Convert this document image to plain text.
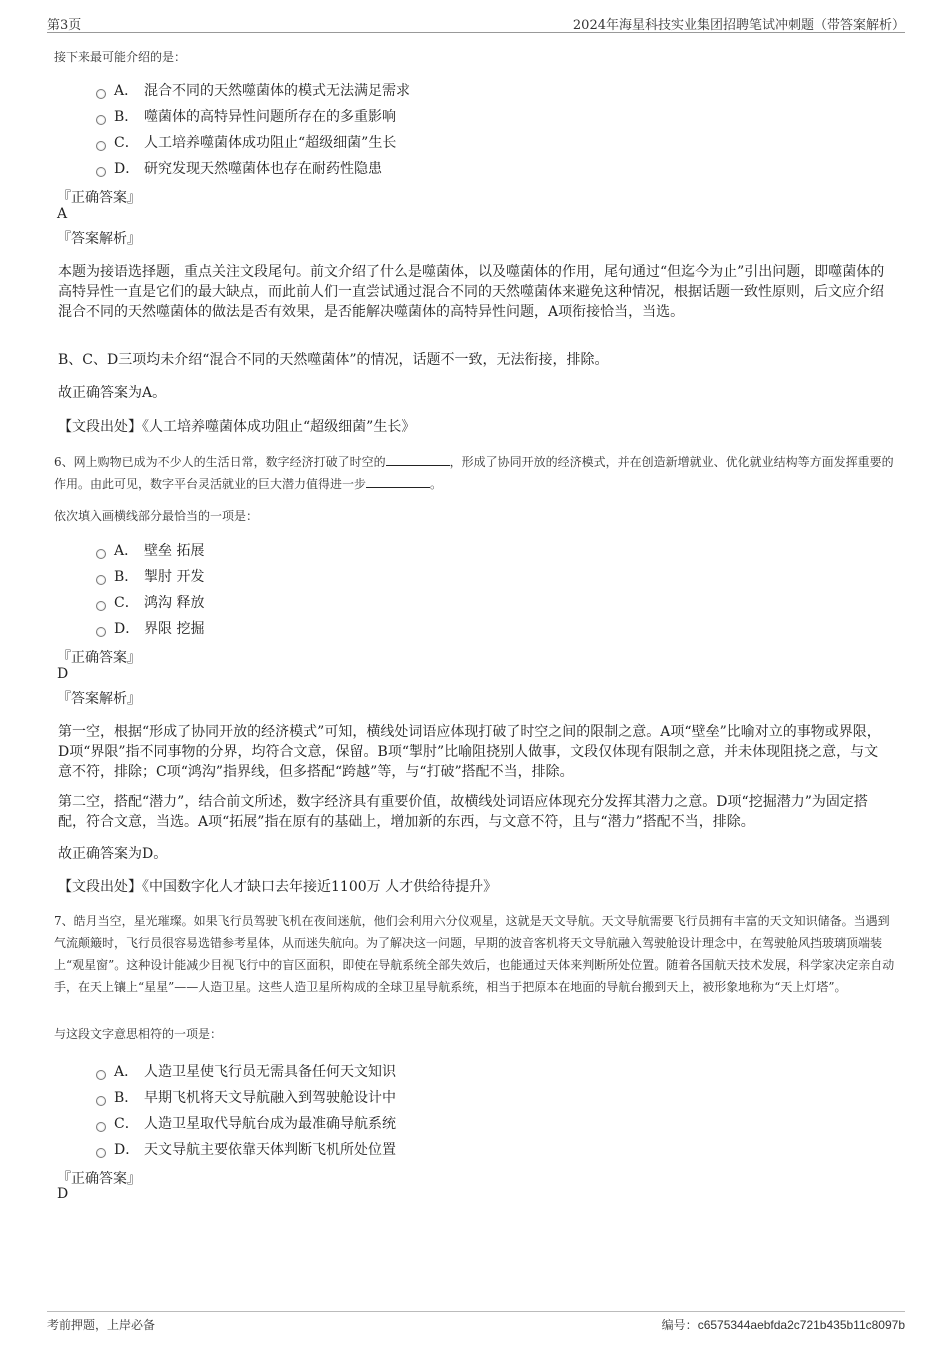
第3页	2024年海星科技实业集团招聘笔试冲刺题（带答案解析）
接下来最可能介绍的是：
A． 混合不同的天然噬菌体的模式无法满足需求
B． 噬菌体的高特异性问题所存在的多重影响
C． 人工培养噬菌体成功阻止“超级细菌”生长
D． 研究发现天然噬菌体也存在耐药性隐患
『正确答案』
A
『答案解析』
本题为接语选择题，重点关注文段尾句。前文介绍了什么是噬菌体，以及噬菌体的作用，尾句通过“但迄今为止”引出问题，即噬菌体的高特异性一直是它们的最大缺点，而此前人们一直尝试通过混合不同的天然噬菌体来避免这种情况，根据话题一致性原则，后文应介绍混合不同的天然噬菌体的做法是否有效果，是否能解决噬菌体的高特异性问题，A项衔接恰当，当选。
B、C、D三项均未介绍“混合不同的天然噬菌体”的情况，话题不一致，无法衔接，排除。
故正确答案为A。
【文段出处】《人工培养噬菌体成功阻止“超级细菌”生长》
6、网上购物已成为不少人的生活日常，数字经济打破了时空的	，形成了协同开放的经济模式，并在创造新增就业、优化就业结构等方面发挥重要的作用。由此可见，数字平台灵活就业的巨大潜力值得进一步	。
依次填入画横线部分最恰当的一项是：
A． 壁垒 拓展
B． 掣肘 开发
C． 鸿沟 释放
D． 界限 挖掘
『正确答案』
D
『答案解析』
第一空，根据“形成了协同开放的经济模式”可知，横线处词语应体现打破了时空之间的限制之意。A项“壁垒”比喻对立的事物或界限，D项“界限”指不同事物的分界，均符合文意，保留。B项“掣肘”比喻阻挠别人做事，文段仅体现有限制之意，并未体现阻挠之意，与文意不符，排除；C项“鸿沟”指界线，但多搭配“跨越”等，与“打破”搭配不当，排除。
第二空，搭配“潜力”，结合前文所述，数字经济具有重要价值，故横线处词语应体现充分发挥其潜力之意。D项“挖掘潜力”为固定搭配，符合文意，当选。A项“拓展”指在原有的基础上，增加新的东西，与文意不符，且与“潜力”搭配不当，排除。
故正确答案为D。
【文段出处】《中国数字化人才缺口去年接近1100万 人才供给待提升》
7、皓月当空，星光璀璨。如果飞行员驾驶飞机在夜间迷航，他们会利用六分仪观星，这就是天文导航。天文导航需要飞行员拥有丰富的天文知识储备。当遇到气流颠簸时，飞行员很容易选错参考星体，从而迷失航向。为了解决这一问题，早期的波音客机将天文导航融入驾驶舱设计理念中，在驾驶舱风挡玻璃顶端装上“观星窗”。这种设计能减少目视飞行中的盲区面积，即使在导航系统全部失效后，也能通过天体来判断所处位置。随着各国航天技术发展，科学家决定亲自动手，在天上镶上“星星”——人造卫星。这些人造卫星所构成的全球卫星导航系统，相当于把原本在地面的导航台搬到天上，被形象地称为“天上灯塔”。
与这段文字意思相符的一项是：
A． 人造卫星使飞行员无需具备任何天文知识
B． 早期飞机将天文导航融入到驾驶舱设计中
C． 人造卫星取代导航台成为最准确导航系统
D． 天文导航主要依靠天体判断飞机所处位置
『正确答案』
D
考前押题，上岸必备	编号：c6575344aebfda2c721b435b11c8097b
